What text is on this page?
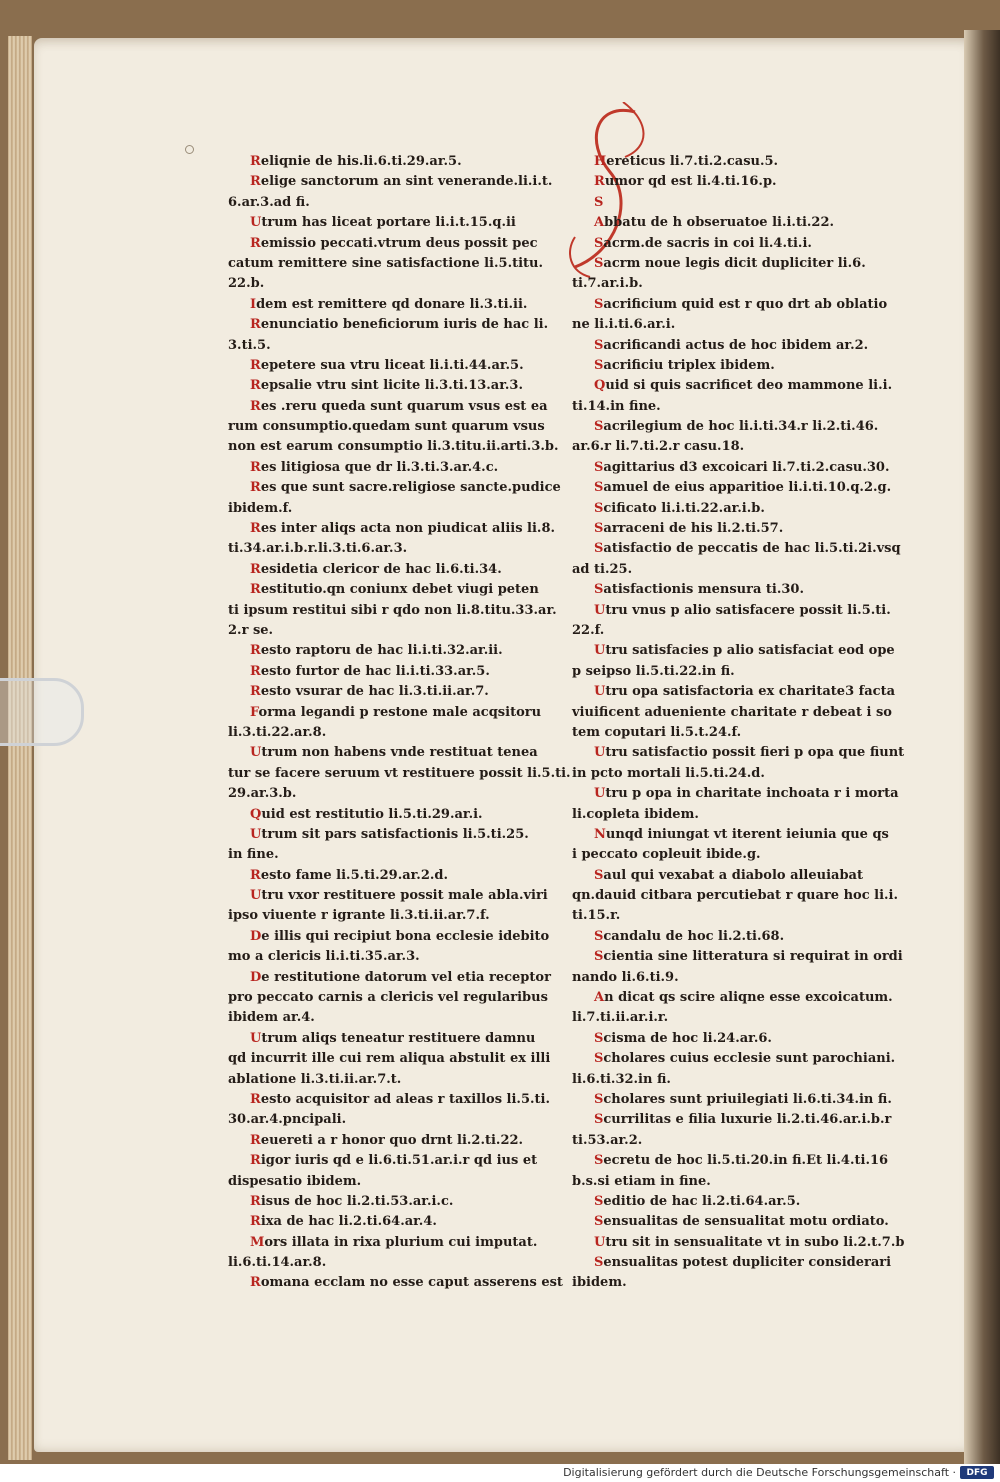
Reliqnie de his.li.6.ti.29.ar.5.
Relige sanctorum an sint venerande.li.i.t.
6.ar.3.ad fi.
Utrum has liceat portare li.i.t.15.q.ii
Remissio peccati.vtrum deus possit pec
catum remittere sine satisfactione li.5.titu.
22.b.
Idem est remittere qd donare li.3.ti.ii.
Renunciatio beneficiorum iuris de hac li.
3.ti.5.
Repetere sua vtru liceat li.i.ti.44.ar.5.
Repsalie vtru sint licite li.3.ti.13.ar.3.
Res .reru queda sunt quarum vsus est ea
rum consumptio.quedam sunt quarum vsus
non est earum consumptio li.3.titu.ii.arti.3.b.
Res litigiosa que dr li.3.ti.3.ar.4.c.
Res que sunt sacre.religiose sancte.pudice
ibidem.f.
Res inter aliqs acta non piudicat aliis li.8.
ti.34.ar.i.b.r.li.3.ti.6.ar.3.
Residetia clericor de hac li.6.ti.34.
Restitutio.qn coniunx debet viugi peten
ti ipsum restitui sibi r qdo non li.8.titu.33.ar.
2.r se.
Resto raptoru de hac li.i.ti.32.ar.ii.
Resto furtor de hac li.i.ti.33.ar.5.
Resto vsurar de hac li.3.ti.ii.ar.7.
Forma legandi p restone male acqsitoru
li.3.ti.22.ar.8.
Utrum non habens vnde restituat tenea
tur se facere seruum vt restituere possit li.5.ti.
29.ar.3.b.
Quid est restitutio li.5.ti.29.ar.i.
Utrum sit pars satisfactionis li.5.ti.25.
in fine.
Resto fame li.5.ti.29.ar.2.d.
Utru vxor restituere possit male abla.viri
ipso viuente r igrante li.3.ti.ii.ar.7.f.
De illis qui recipiut bona ecclesie idebito
mo a clericis li.i.ti.35.ar.3.
De restitutione datorum vel etia receptor
pro peccato carnis a clericis vel regularibus
ibidem ar.4.
Utrum aliqs teneatur restituere damnu
qd incurrit ille cui rem aliqua abstulit ex illi
ablatione li.3.ti.ii.ar.7.t.
Resto acquisitor ad aleas r taxillos li.5.ti.
30.ar.4.pncipali.
Reuereti a r honor quo drnt li.2.ti.22.
Rigor iuris qd e li.6.ti.51.ar.i.r qd ius et
dispesatio ibidem.
Risus de hoc li.2.ti.53.ar.i.c.
Rixa de hac li.2.ti.64.ar.4.
Mors illata in rixa plurium cui imputat.
li.6.ti.14.ar.8.
Romana ecclam no esse caput asserens est
Hereticus li.7.ti.2.casu.5.
Rumor qd est li.4.ti.16.p.
S
Abbatu de h obseruatoe li.i.ti.22.
Sacrm.de sacris in coi li.4.ti.i.
Sacrm noue legis dicit dupliciter li.6.
ti.7.ar.i.b.
Sacrificium quid est r quo drt ab oblatio
ne li.i.ti.6.ar.i.
Sacrificandi actus de hoc ibidem ar.2.
Sacrificiu triplex ibidem.
Quid si quis sacrificet deo mammone li.i.
ti.14.in fine.
Sacrilegium de hoc li.i.ti.34.r li.2.ti.46.
ar.6.r li.7.ti.2.r casu.18.
Sagittarius d3 excoicari li.7.ti.2.casu.30.
Samuel de eius apparitioe li.i.ti.10.q.2.g.
Scificato li.i.ti.22.ar.i.b.
Sarraceni de his li.2.ti.57.
Satisfactio de peccatis de hac li.5.ti.2i.vsq
ad ti.25.
Satisfactionis mensura ti.30.
Utru vnus p alio satisfacere possit li.5.ti.
22.f.
Utru satisfacies p alio satisfaciat eod ope
p seipso li.5.ti.22.in fi.
Utru opa satisfactoria ex charitate3 facta
viuificent adueniente charitate r debeat i so
tem coputari li.5.t.24.f.
Utru satisfactio possit fieri p opa que fiunt
in pcto mortali li.5.ti.24.d.
Utru p opa in charitate inchoata r i morta
li.copleta ibidem.
Nunqd iniungat vt iterent ieiunia que qs
i peccato copleuit ibide.g.
Saul qui vexabat a diabolo alleuiabat
qn.dauid citbara percutiebat r quare hoc li.i.
ti.15.r.
Scandalu de hoc li.2.ti.68.
Scientia sine litteratura si requirat in ordi
nando li.6.ti.9.
An dicat qs scire aliqne esse excoicatum.
li.7.ti.ii.ar.i.r.
Scisma de hoc li.24.ar.6.
Scholares cuius ecclesie sunt parochiani.
li.6.ti.32.in fi.
Scholares sunt priuilegiati li.6.ti.34.in fi.
Scurrilitas e filia luxurie li.2.ti.46.ar.i.b.r
ti.53.ar.2.
Secretu de hoc li.5.ti.20.in fi.Et li.4.ti.16
b.s.si etiam in fine.
Seditio de hac li.2.ti.64.ar.5.
Sensualitas de sensualitat motu ordiato.
Utru sit in sensualitate vt in subo li.2.t.7.b
Sensualitas potest dupliciter considerari
ibidem.
Digitalisierung gefördert durch die Deutsche Forschungsgemeinschaft ·	DFG
